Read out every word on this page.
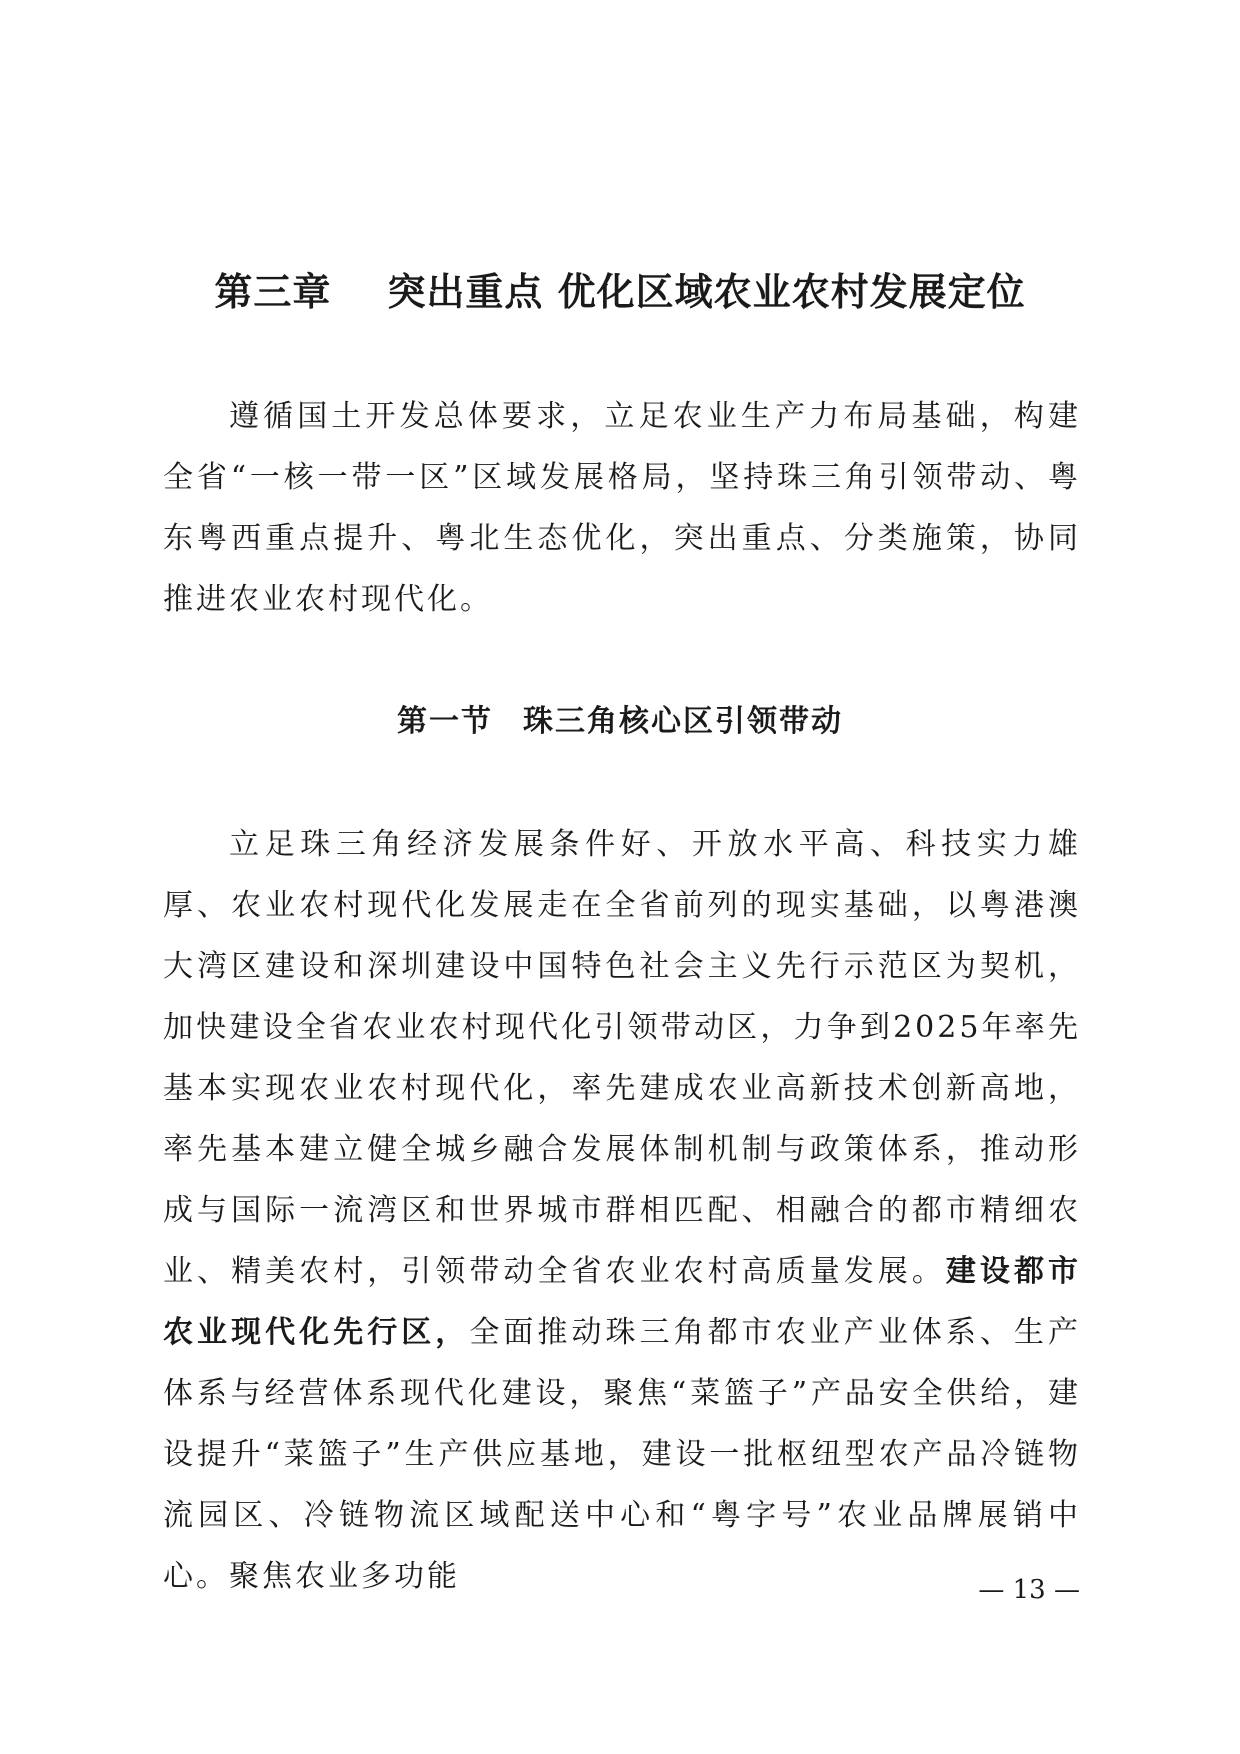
第三章 突出重点 优化区域农业农村发展定位

遵循国土开发总体要求，立足农业生产力布局基础，构建全省“一核一带一区”区域发展格局，坚持珠三角引领带动、粤东粤西重点提升、粤北生态优化，突出重点、分类施策，协同推进农业农村现代化。

第一节 珠三角核心区引领带动

立足珠三角经济发展条件好、开放水平高、科技实力雄厚、农业农村现代化发展走在全省前列的现实基础，以粤港澳大湾区建设和深圳建设中国特色社会主义先行示范区为契机，加快建设全省农业农村现代化引领带动区，力争到2025年率先基本实现农业农村现代化，率先建成农业高新技术创新高地，率先基本建立健全城乡融合发展体制机制与政策体系，推动形成与国际一流湾区和世界城市群相匹配、相融合的都市精细农业、精美农村，引领带动全省农业农村高质量发展。建设都市农业现代化先行区，全面推动珠三角都市农业产业体系、生产体系与经营体系现代化建设，聚焦“菜篮子”产品安全供给，建设提升“菜篮子”生产供应基地，建设一批枢纽型农产品冷链物流园区、冷链物流区域配送中心和“粤字号”农业品牌展销中心。聚焦农业多功能	— 13 —
